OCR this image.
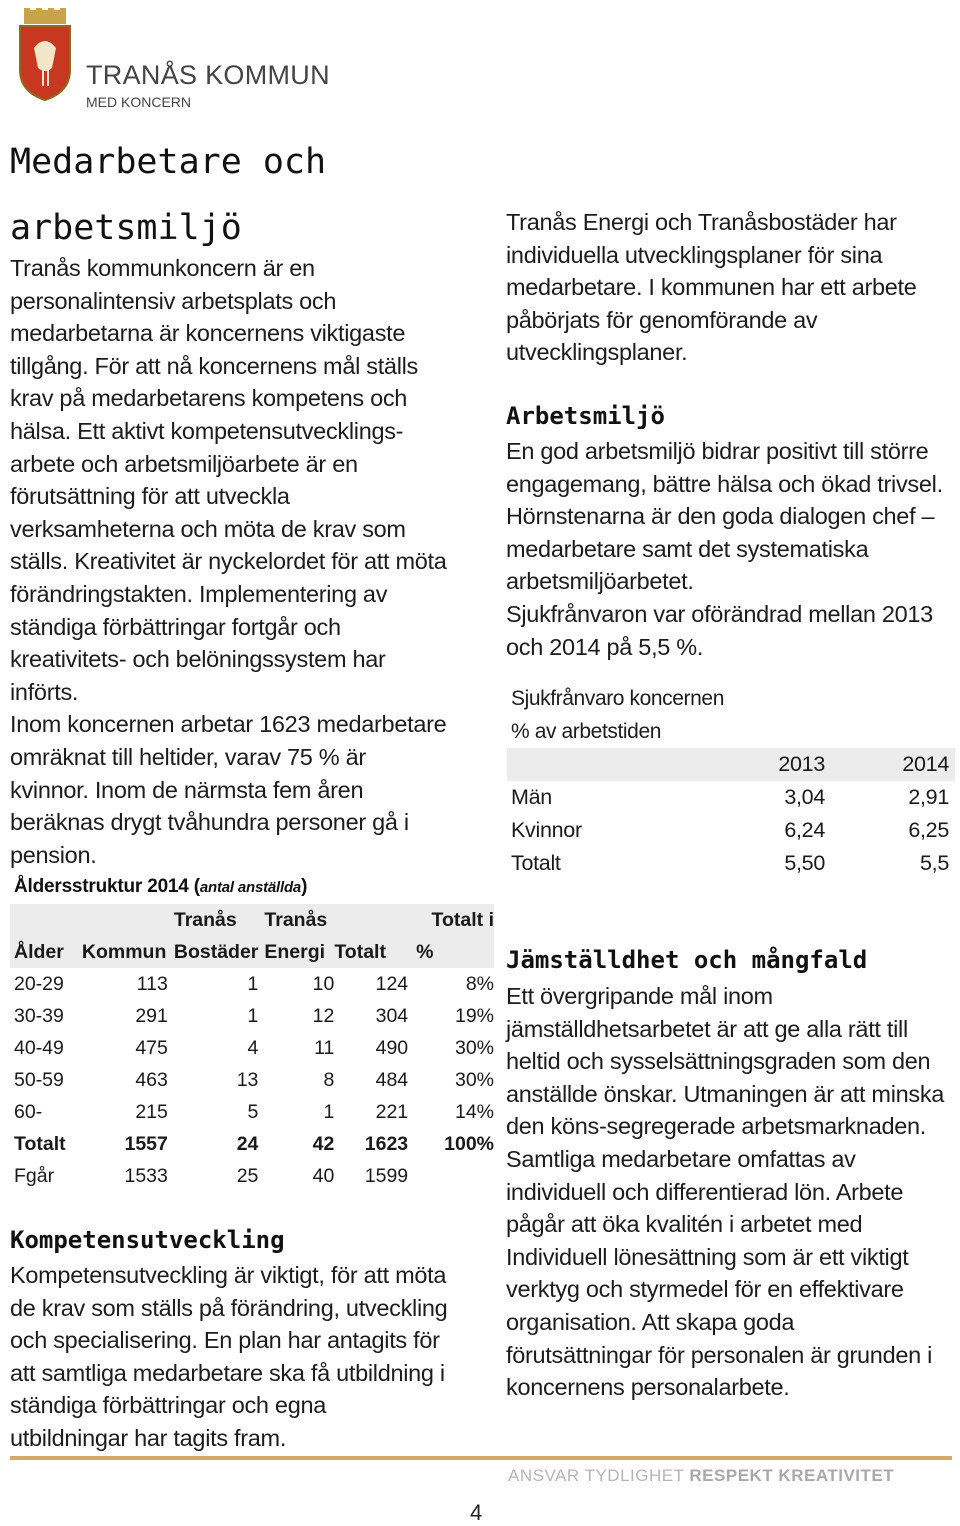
TRANÅS KOMMUN
MED KONCERN
Medarbetare och
arbetsmiljö

Tranås kommunkoncern är en personalintensiv arbetsplats och medarbetarna är koncernens viktigaste tillgång. För att nå koncernens mål ställs krav på medarbetarens kompetens och hälsa. Ett aktivt kompetensutvecklings-arbete och arbetsmiljöarbete är en förutsättning för att utveckla verksamheterna och möta de krav som ställs. Kreativitet är nyckelordet för att möta förändringstakten. Implementering av ständiga förbättringar fortgår och kreativitets- och belöningssystem har införts.

Inom koncernen arbetar 1623 medarbetare omräknat till heltider, varav 75 % är kvinnor. Inom de närmsta fem åren beräknas drygt tvåhundra personer gå i pension.

Åldersstruktur 2014 (antal anställda)
		Tranås	Tranås		Totalt i
Ålder	Kommun	Bostäder	Energi	Totalt	%
20-29	113	1	10	124	8%
30-39	291	1	12	304	19%
40-49	475	4	11	490	30%
50-59	463	13	8	484	30%
60-	215	5	1	221	14%
Totalt	1557	24	42	1623	100%
Fgår	1533	25	40	1599	
Kompetensutveckling
Kompetensutveckling är viktigt, för att möta de krav som ställs på förändring, utveckling och specialisering. En plan har antagits för att samtliga medarbetare ska få utbildning i ständiga förbättringar och egna utbildningar har tagits fram.
Tranås Energi och Tranåsbostäder har individuella utvecklingsplaner för sina medarbetare. I kommunen har ett arbete påbörjats för genomförande av utvecklingsplaner.
Arbetsmiljö

En god arbetsmiljö bidrar positivt till större engagemang, bättre hälsa och ökad trivsel. Hörnstenarna är den goda dialogen chef – medarbetare samt det systematiska arbetsmiljöarbetet.

Sjukfrånvaron var oförändrad mellan 2013 och 2014 på 5,5 %.

Sjukfrånvaro koncernen
% av arbetstiden
	2013	2014
Män	3,04	2,91
Kvinnor	6,24	6,25
Totalt	5,50	5,5
Jämställdhet och mångfald

Ett övergripande mål inom jämställdhetsarbetet är att ge alla rätt till heltid och sysselsättningsgraden som den anställde önskar. Utmaningen är att minska den köns-segregerade arbetsmarknaden.

Samtliga medarbetare omfattas av individuell och differentierad lön. Arbete pågår att öka kvalitén i arbetet med Individuell lönesättning som är ett viktigt verktyg och styrmedel för en effektivare organisation. Att skapa goda förutsättningar för personalen är grunden i koncernens personalarbete.

ANSVAR TYDLIGHET RESPEKT KREATIVITET
4
